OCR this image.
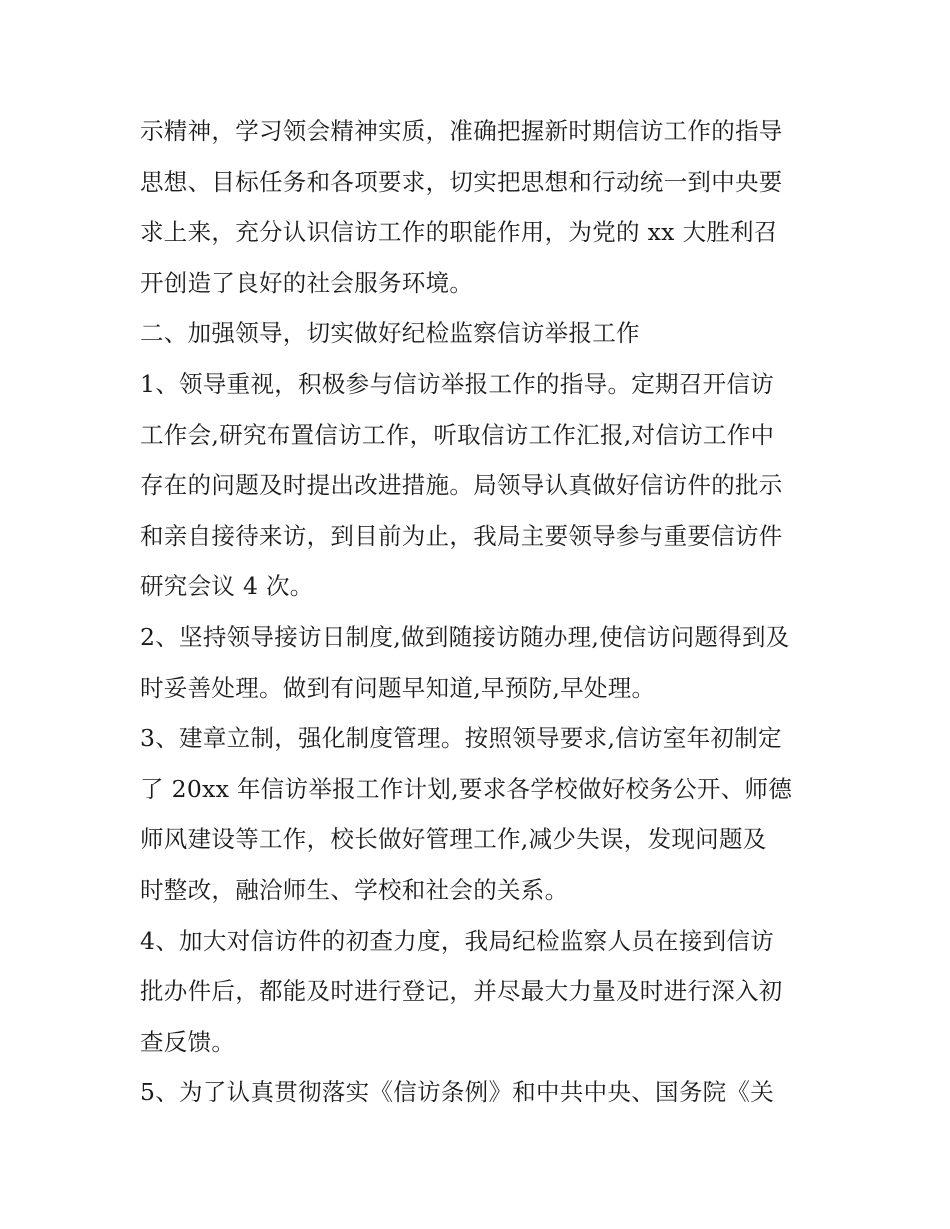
示精神，学习领会精神实质，准确把握新时期信访工作的指导
思想、目标任务和各项要求，切实把思想和行动统一到中央要
求上来，充分认识信访工作的职能作用，为党的 xx 大胜利召
开创造了良好的社会服务环境。
二、加强领导，切实做好纪检监察信访举报工作
1、领导重视，积极参与信访举报工作的指导。定期召开信访
工作会,研究布置信访工作，听取信访工作汇报,对信访工作中
存在的问题及时提出改进措施。局领导认真做好信访件的批示
和亲自接待来访，到目前为止，我局主要领导参与重要信访件
研究会议 4 次。
2、坚持领导接访日制度,做到随接访随办理,使信访问题得到及
时妥善处理。做到有问题早知道,早预防,早处理。
3、建章立制，强化制度管理。按照领导要求,信访室年初制定
了 20xx 年信访举报工作计划,要求各学校做好校务公开、师德
师风建设等工作，校长做好管理工作,减少失误，发现问题及
时整改，融洽师生、学校和社会的关系。
4、加大对信访件的初查力度，我局纪检监察人员在接到信访
批办件后，都能及时进行登记，并尽最大力量及时进行深入初
查反馈。
5、为了认真贯彻落实《信访条例》和中共中央、国务院《关
